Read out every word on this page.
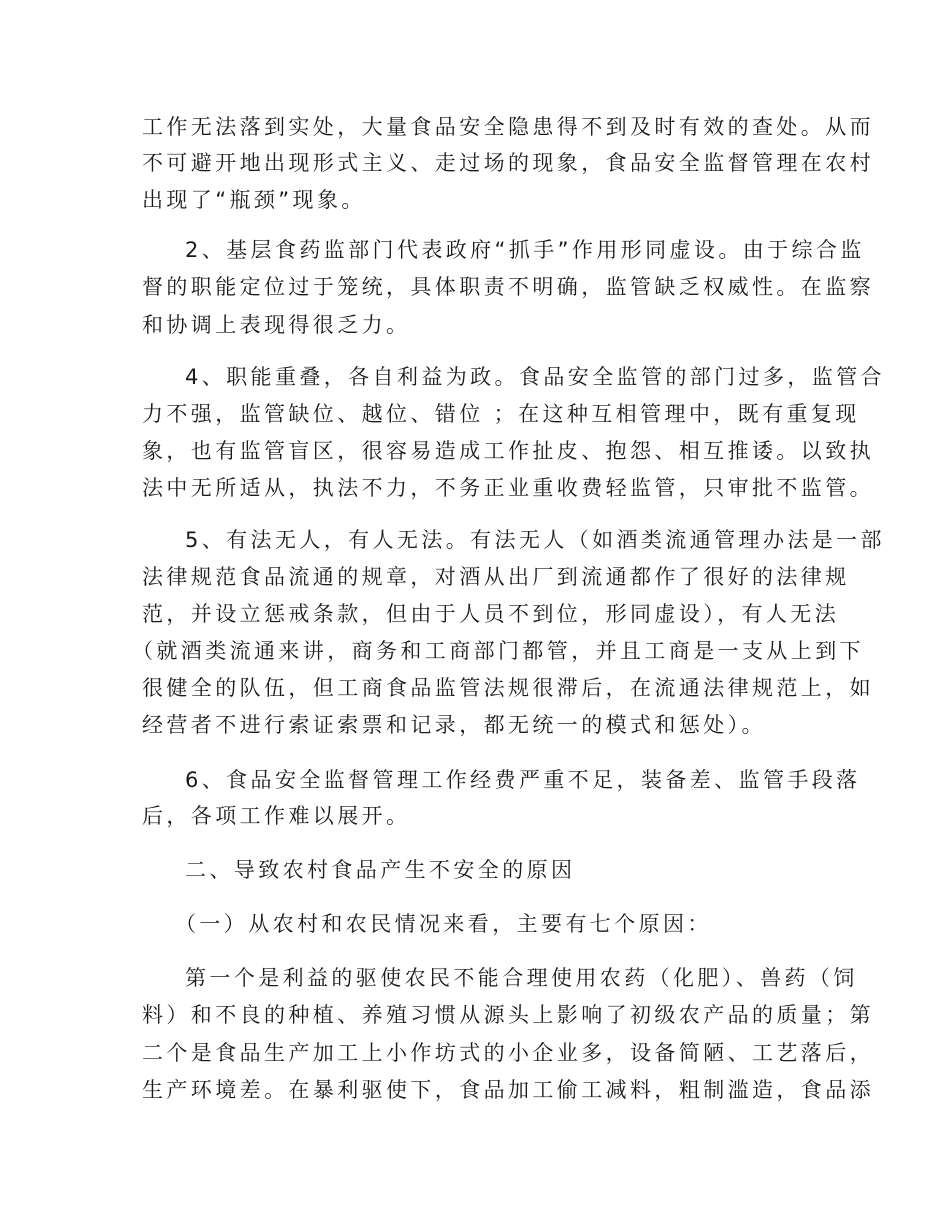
工作无法落到实处，大量食品安全隐患得不到及时有效的查处。从而
不可避开地出现形式主义、走过场的现象，食品安全监督管理在农村
出现了“瓶颈”现象。
2、基层食药监部门代表政府“抓手”作用形同虚设。由于综合监
督的职能定位过于笼统，具体职责不明确，监管缺乏权威性。在监察
和协调上表现得很乏力。
4、职能重叠，各自利益为政。食品安全监管的部门过多，监管合
力不强，监管缺位、越位、错位 ；在这种互相管理中，既有重复现
象，也有监管盲区，很容易造成工作扯皮、抱怨、相互推诿。以致执
法中无所适从，执法不力，不务正业重收费轻监管，只审批不监管。
5、有法无人，有人无法。有法无人（如酒类流通管理办法是一部
法律规范食品流通的规章，对酒从出厂到流通都作了很好的法律规
范，并设立惩戒条款，但由于人员不到位，形同虚设），有人无法
（就酒类流通来讲，商务和工商部门都管，并且工商是一支从上到下
很健全的队伍，但工商食品监管法规很滞后，在流通法律规范上，如
经营者不进行索证索票和记录，都无统一的模式和惩处）。
6、食品安全监督管理工作经费严重不足，装备差、监管手段落
后，各项工作难以展开。
二、导致农村食品产生不安全的原因
（一）从农村和农民情况来看，主要有七个原因：
第一个是利益的驱使农民不能合理使用农药（化肥）、兽药（饲
料）和不良的种植、养殖习惯从源头上影响了初级农产品的质量；第
二个是食品生产加工上小作坊式的小企业多，设备简陋、工艺落后，
生产环境差。在暴利驱使下，食品加工偷工减料，粗制滥造，食品添
